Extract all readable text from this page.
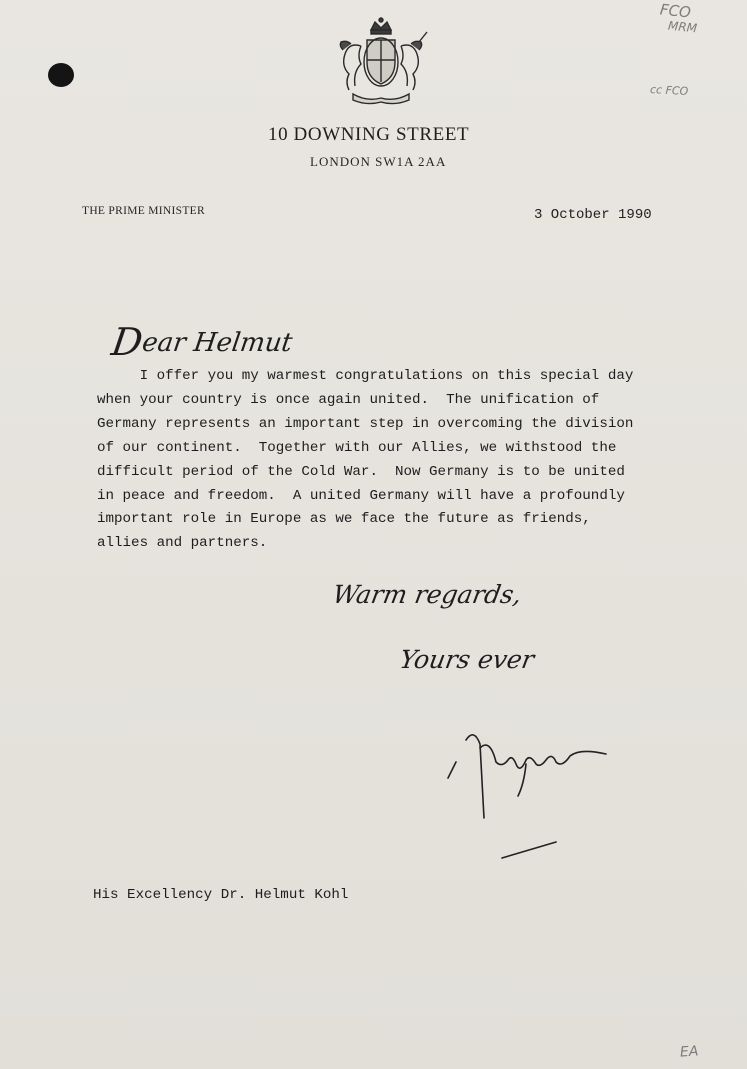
10 DOWNING STREET
LONDON SW1A 2AA
THE PRIME MINISTER	3 October 1990
Dear Helmut
I offer you my warmest congratulations on this special day
when your country is once again united.  The unification of
Germany represents an important step in overcoming the division
of our continent.  Together with our Allies, we withstood the
difficult period of the Cold War.  Now Germany is to be united
in peace and freedom.  A united Germany will have a profoundly
important role in Europe as we face the future as friends,
allies and partners.
Warm regards,
Yours ever
His Excellency Dr. Helmut Kohl
FCO
MRM
cc FCO
EA
